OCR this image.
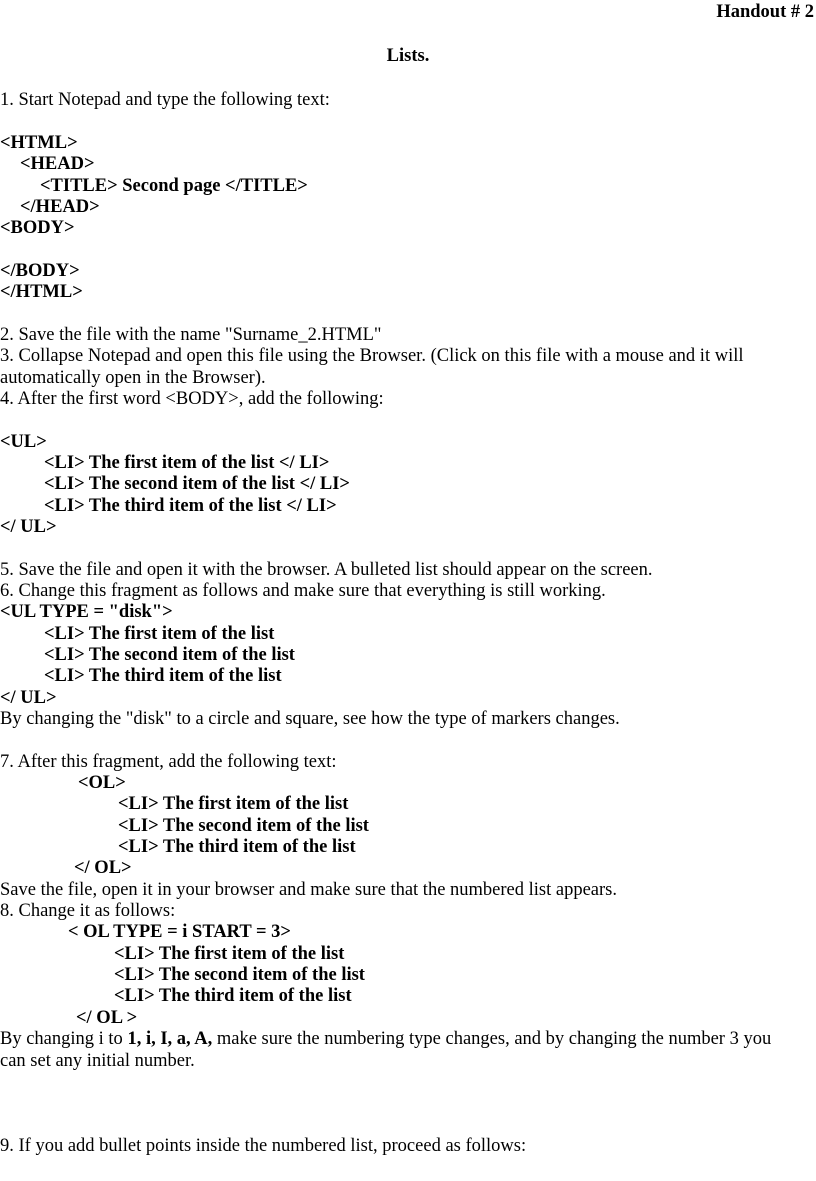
Handout # 2
Lists.
1. Start Notepad and type the following text:
<HTML>
<HEAD>
<TITLE> Second page </TITLE>
</HEAD>
<BODY>
</BODY>
</HTML>
2. Save the file with the name "Surname_2.HTML"
3. Collapse Notepad and open this file using the Browser. (Click on this file with a mouse and it will
automatically open in the Browser).
4. After the first word <BODY>, add the following:
<UL>
<LI> The first item of the list </ LI>
<LI> The second item of the list </ LI>
<LI> The third item of the list </ LI>
</ UL>
5. Save the file and open it with the browser. A bulleted list should appear on the screen.
6. Change this fragment as follows and make sure that everything is still working.
<UL TYPE = "disk">
<LI> The first item of the list
<LI> The second item of the list
<LI> The third item of the list
</ UL>
By changing the "disk" to a circle and square, see how the type of markers changes.
7. After this fragment, add the following text:
<OL>
<LI> The first item of the list
<LI> The second item of the list
<LI> The third item of the list
</ OL>
Save the file, open it in your browser and make sure that the numbered list appears.
8. Change it as follows:
< OL TYPE = i START = 3>
<LI> The first item of the list
<LI> The second item of the list
<LI> The third item of the list
</ OL >
By changing i to 1, i, I, a, A, make sure the numbering type changes, and by changing the number 3 you
can set any initial number.
9. If you add bullet points inside the numbered list, proceed as follows:
